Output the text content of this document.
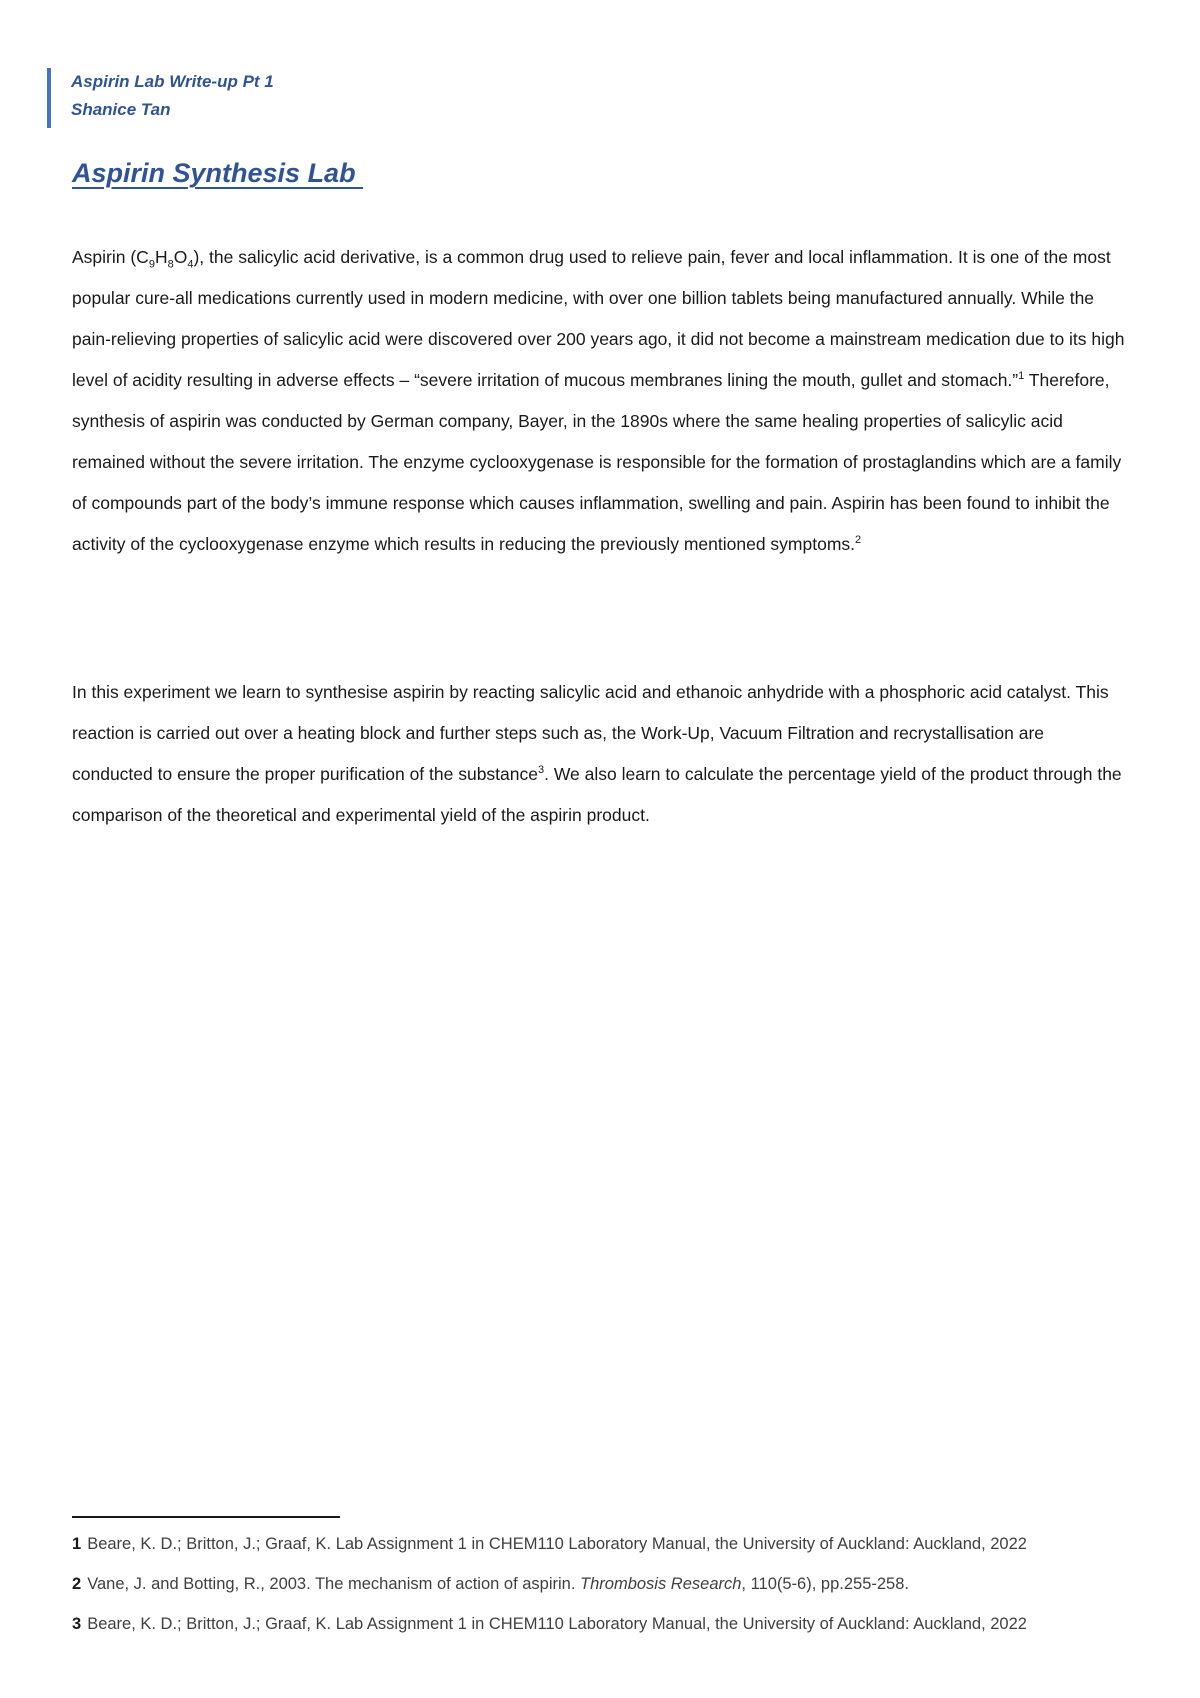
Aspirin Lab Write-up Pt 1
Shanice Tan
Aspirin Synthesis Lab

Aspirin $(C_9H_8O_4)$, the salicylic acid derivative, is a common drug used to relieve pain, fever and local inflammation. It is one of the most popular cure-all medications currently used in modern medicine, with over one billion tablets being manufactured annually. While the pain-relieving properties of salicylic acid were discovered over 200 years ago, it did not become a mainstream medication due to its high level of acidity resulting in adverse effects – “severe irritation of mucous membranes lining the mouth, gullet and stomach.”$^1$ Therefore, synthesis of aspirin was conducted by German company, Bayer, in the 1890s where the same healing properties of salicylic acid remained without the severe irritation. The enzyme cyclooxygenase is responsible for the formation of prostaglandins which are a family of compounds part of the body’s immune response which causes inflammation, swelling and pain. Aspirin has been found to inhibit the activity of the cyclooxygenase enzyme which results in reducing the previously mentioned symptoms.$^2$

In this experiment we learn to synthesise aspirin by reacting salicylic acid and ethanoic anhydride with a phosphoric acid catalyst. This reaction is carried out over a heating block and further steps such as, the Work-Up, Vacuum Filtration and recrystallisation are conducted to ensure the proper purification of the substance$^3$. We also learn to calculate the percentage yield of the product through the comparison of the theoretical and experimental yield of the aspirin product.

1 Beare, K. D.; Britton, J.; Graaf, K. Lab Assignment 1 in CHEM110 Laboratory Manual, the University of Auckland: Auckland, 2022
2 Vane, J. and Botting, R., 2003. The mechanism of action of aspirin. Thrombosis Research, 110(5-6), pp.255-258.
3 Beare, K. D.; Britton, J.; Graaf, K. Lab Assignment 1 in CHEM110 Laboratory Manual, the University of Auckland: Auckland, 2022
